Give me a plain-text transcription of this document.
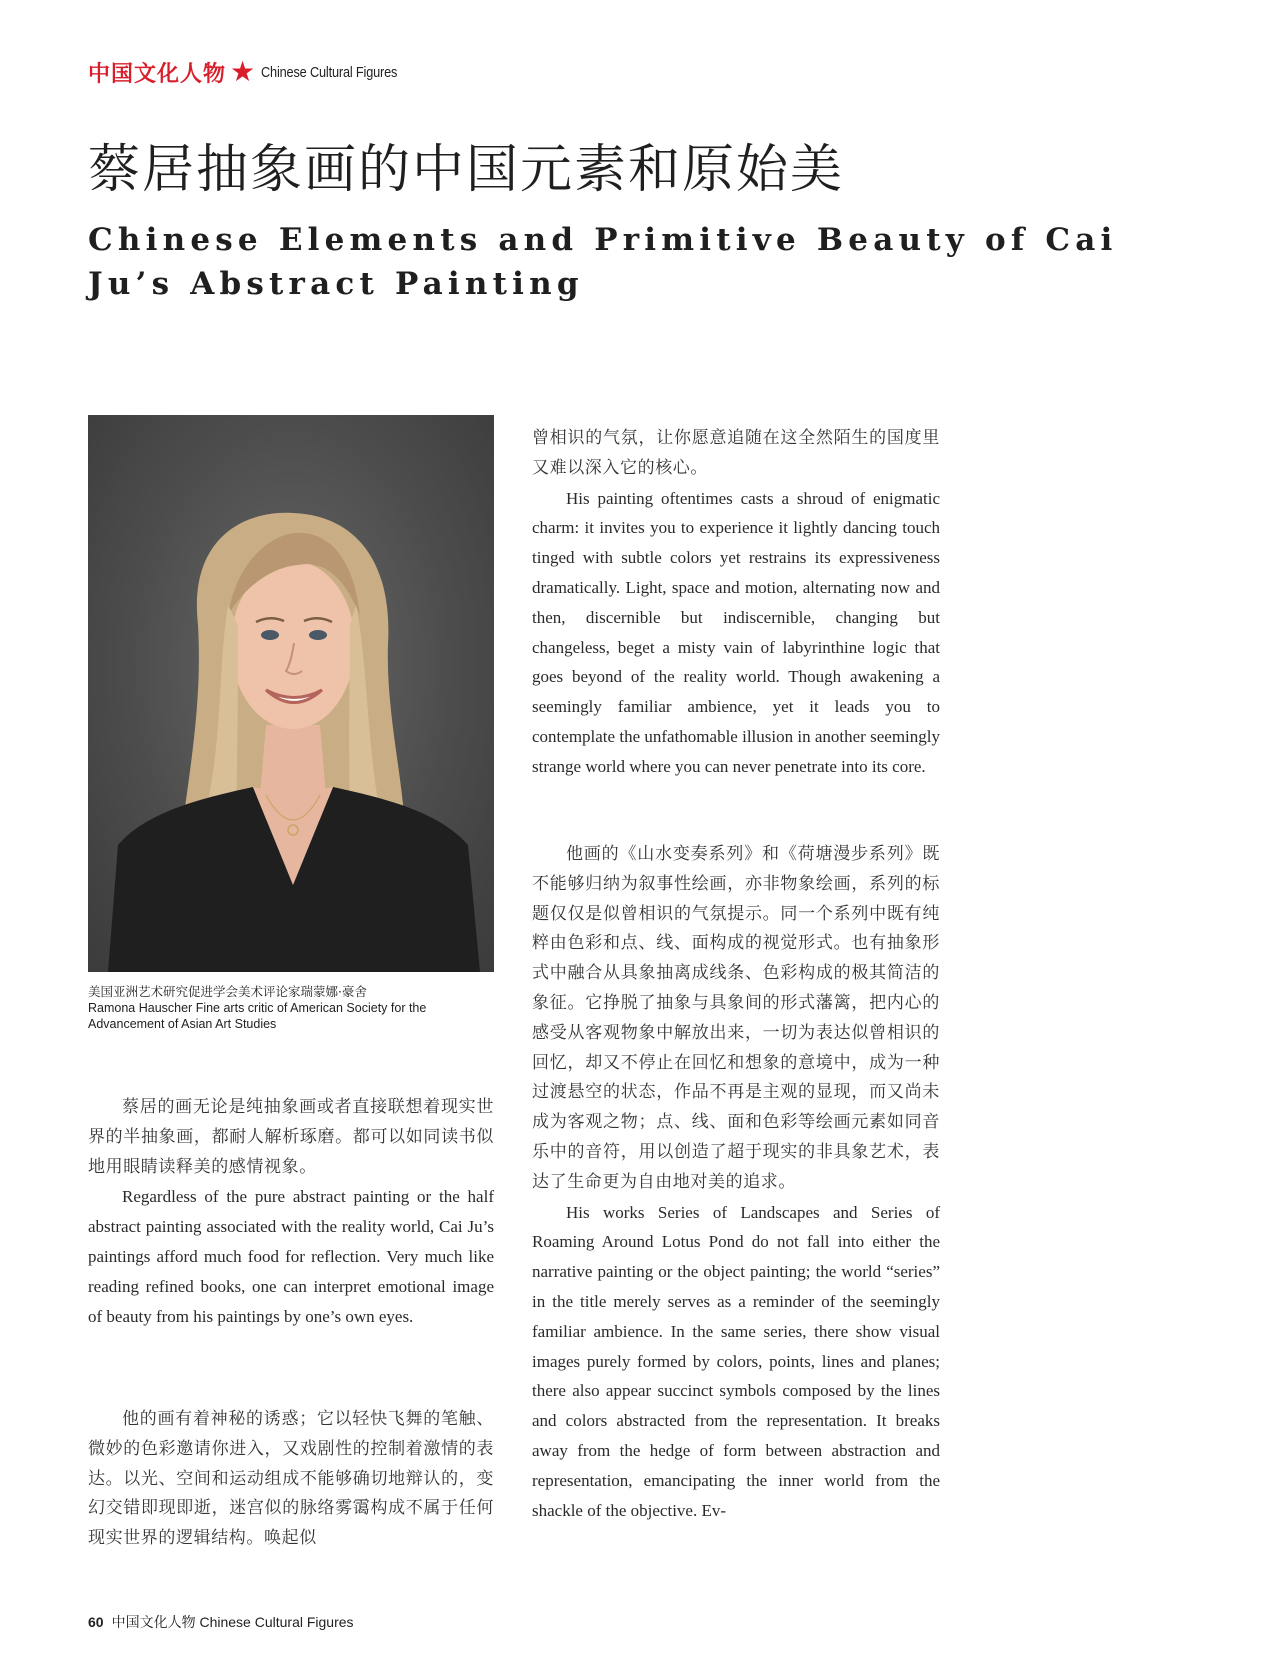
中国文化人物 ★ Chinese Cultural Figures
蔡居抽象画的中国元素和原始美
Chinese Elements and Primitive Beauty of Cai Ju’s Abstract Painting
美国亚洲艺术研究促进学会美术评论家瑞蒙娜·豪舍
Ramona Hauscher Fine arts critic of American Society for the Advancement of Asian Art Studies

蔡居的画无论是纯抽象画或者直接联想着现实世界的半抽象画，都耐人解析琢磨。都可以如同读书似地用眼睛读释美的感情视象。

Regardless of the pure abstract painting or the half abstract painting associated with the reality world, Cai Ju’s paintings afford much food for reflection. Very much like reading refined books, one can interpret emotional image of beauty from his paintings by one’s own eyes.

他的画有着神秘的诱惑；它以轻快飞舞的笔触、微妙的色彩邀请你进入，又戏剧性的控制着激情的表达。以光、空间和运动组成不能够确切地辩认的，变幻交错即现即逝，迷宫似的脉络雾霭构成不属于任何现实世界的逻辑结构。唤起似

曾相识的气氛，让你愿意追随在这全然陌生的国度里又难以深入它的核心。

His painting oftentimes casts a shroud of enigmatic charm: it invites you to experience it lightly dancing touch tinged with subtle colors yet restrains its expressiveness dramatically. Light, space and motion, alternating now and then, discernible but indiscernible, changing but changeless, beget a misty vain of labyrinthine logic that goes beyond of the reality world. Though awakening a seemingly familiar ambience, yet it leads you to contemplate the unfathomable illusion in another seemingly strange world where you can never penetrate into its core.

他画的《山水变奏系列》和《荷塘漫步系列》既不能够归纳为叙事性绘画，亦非物象绘画，系列的标题仅仅是似曾相识的气氛提示。同一个系列中既有纯粹由色彩和点、线、面构成的视觉形式。也有抽象形式中融合从具象抽离成线条、色彩构成的极其简洁的象征。它挣脱了抽象与具象间的形式藩篱，把内心的感受从客观物象中解放出来，一切为表达似曾相识的回忆，却又不停止在回忆和想象的意境中，成为一种过渡悬空的状态，作品不再是主观的显现，而又尚未成为客观之物；点、线、面和色彩等绘画元素如同音乐中的音符，用以创造了超于现实的非具象艺术，表达了生命更为自由地对美的追求。

His works Series of Landscapes and Series of Roaming Around Lotus Pond do not fall into either the narrative painting or the object painting; the world “series” in the title merely serves as a reminder of the seemingly familiar ambience. In the same series, there show visual images purely formed by colors, points, lines and planes; there also appear succinct symbols composed by the lines and colors abstracted from the representation. It breaks away from the hedge of form between abstraction and representation, emancipating the inner world from the shackle of the objective. Ev-

60 中国文化人物 Chinese Cultural Figures
